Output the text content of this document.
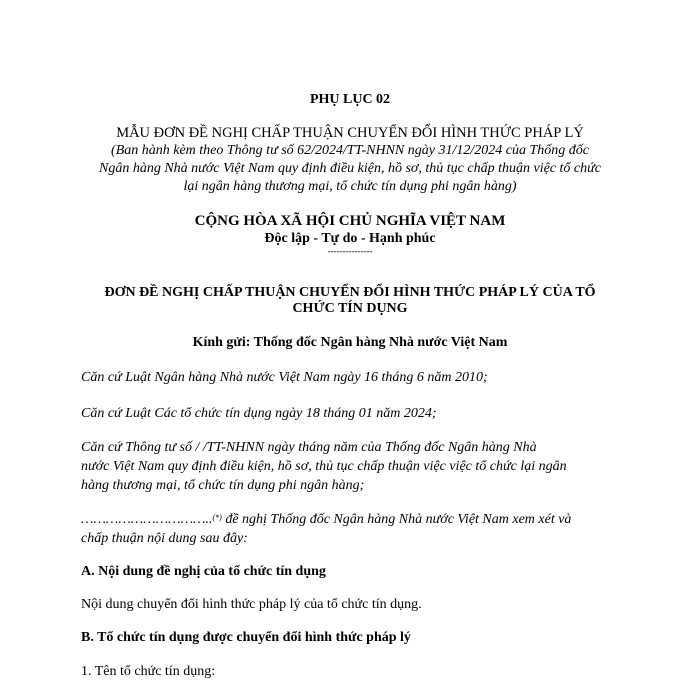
PHỤ LỤC 02
MẪU ĐƠN ĐỀ NGHỊ CHẤP THUẬN CHUYỂN ĐỔI HÌNH THỨC PHÁP LÝ
(Ban hành kèm theo Thông tư số 62/2024/TT-NHNN ngày 31/12/2024 của Thống đốc
Ngân hàng Nhà nước Việt Nam quy định điều kiện, hồ sơ, thủ tục chấp thuận việc tổ chức
lại ngân hàng thương mại, tổ chức tín dụng phi ngân hàng)
CỘNG HÒA XÃ HỘI CHỦ NGHĨA VIỆT NAM
Độc lập - Tự do - Hạnh phúc
---------------
ĐƠN ĐỀ NGHỊ CHẤP THUẬN CHUYỂN ĐỔI HÌNH THỨC PHÁP LÝ CỦA TỔ
CHỨC TÍN DỤNG
Kính gửi: Thống đốc Ngân hàng Nhà nước Việt Nam
Căn cứ Luật Ngân hàng Nhà nước Việt Nam ngày 16 tháng 6 năm 2010;
Căn cứ Luật Các tổ chức tín dụng ngày 18 tháng 01 năm 2024;
Căn cứ Thông tư số / /TT-NHNN ngày tháng năm của Thống đốc Ngân hàng Nhà
nước Việt Nam quy định điều kiện, hồ sơ, thủ tục chấp thuận việc việc tổ chức lại ngân
hàng thương mại, tổ chức tín dụng phi ngân hàng;
…………………………..(*) đề nghị Thống đốc Ngân hàng Nhà nước Việt Nam xem xét và
chấp thuận nội dung sau đây:
A. Nội dung đề nghị của tổ chức tín dụng
Nội dung chuyển đổi hình thức pháp lý của tổ chức tín dụng.
B. Tổ chức tín dụng được chuyển đổi hình thức pháp lý
1. Tên tổ chức tín dụng:
